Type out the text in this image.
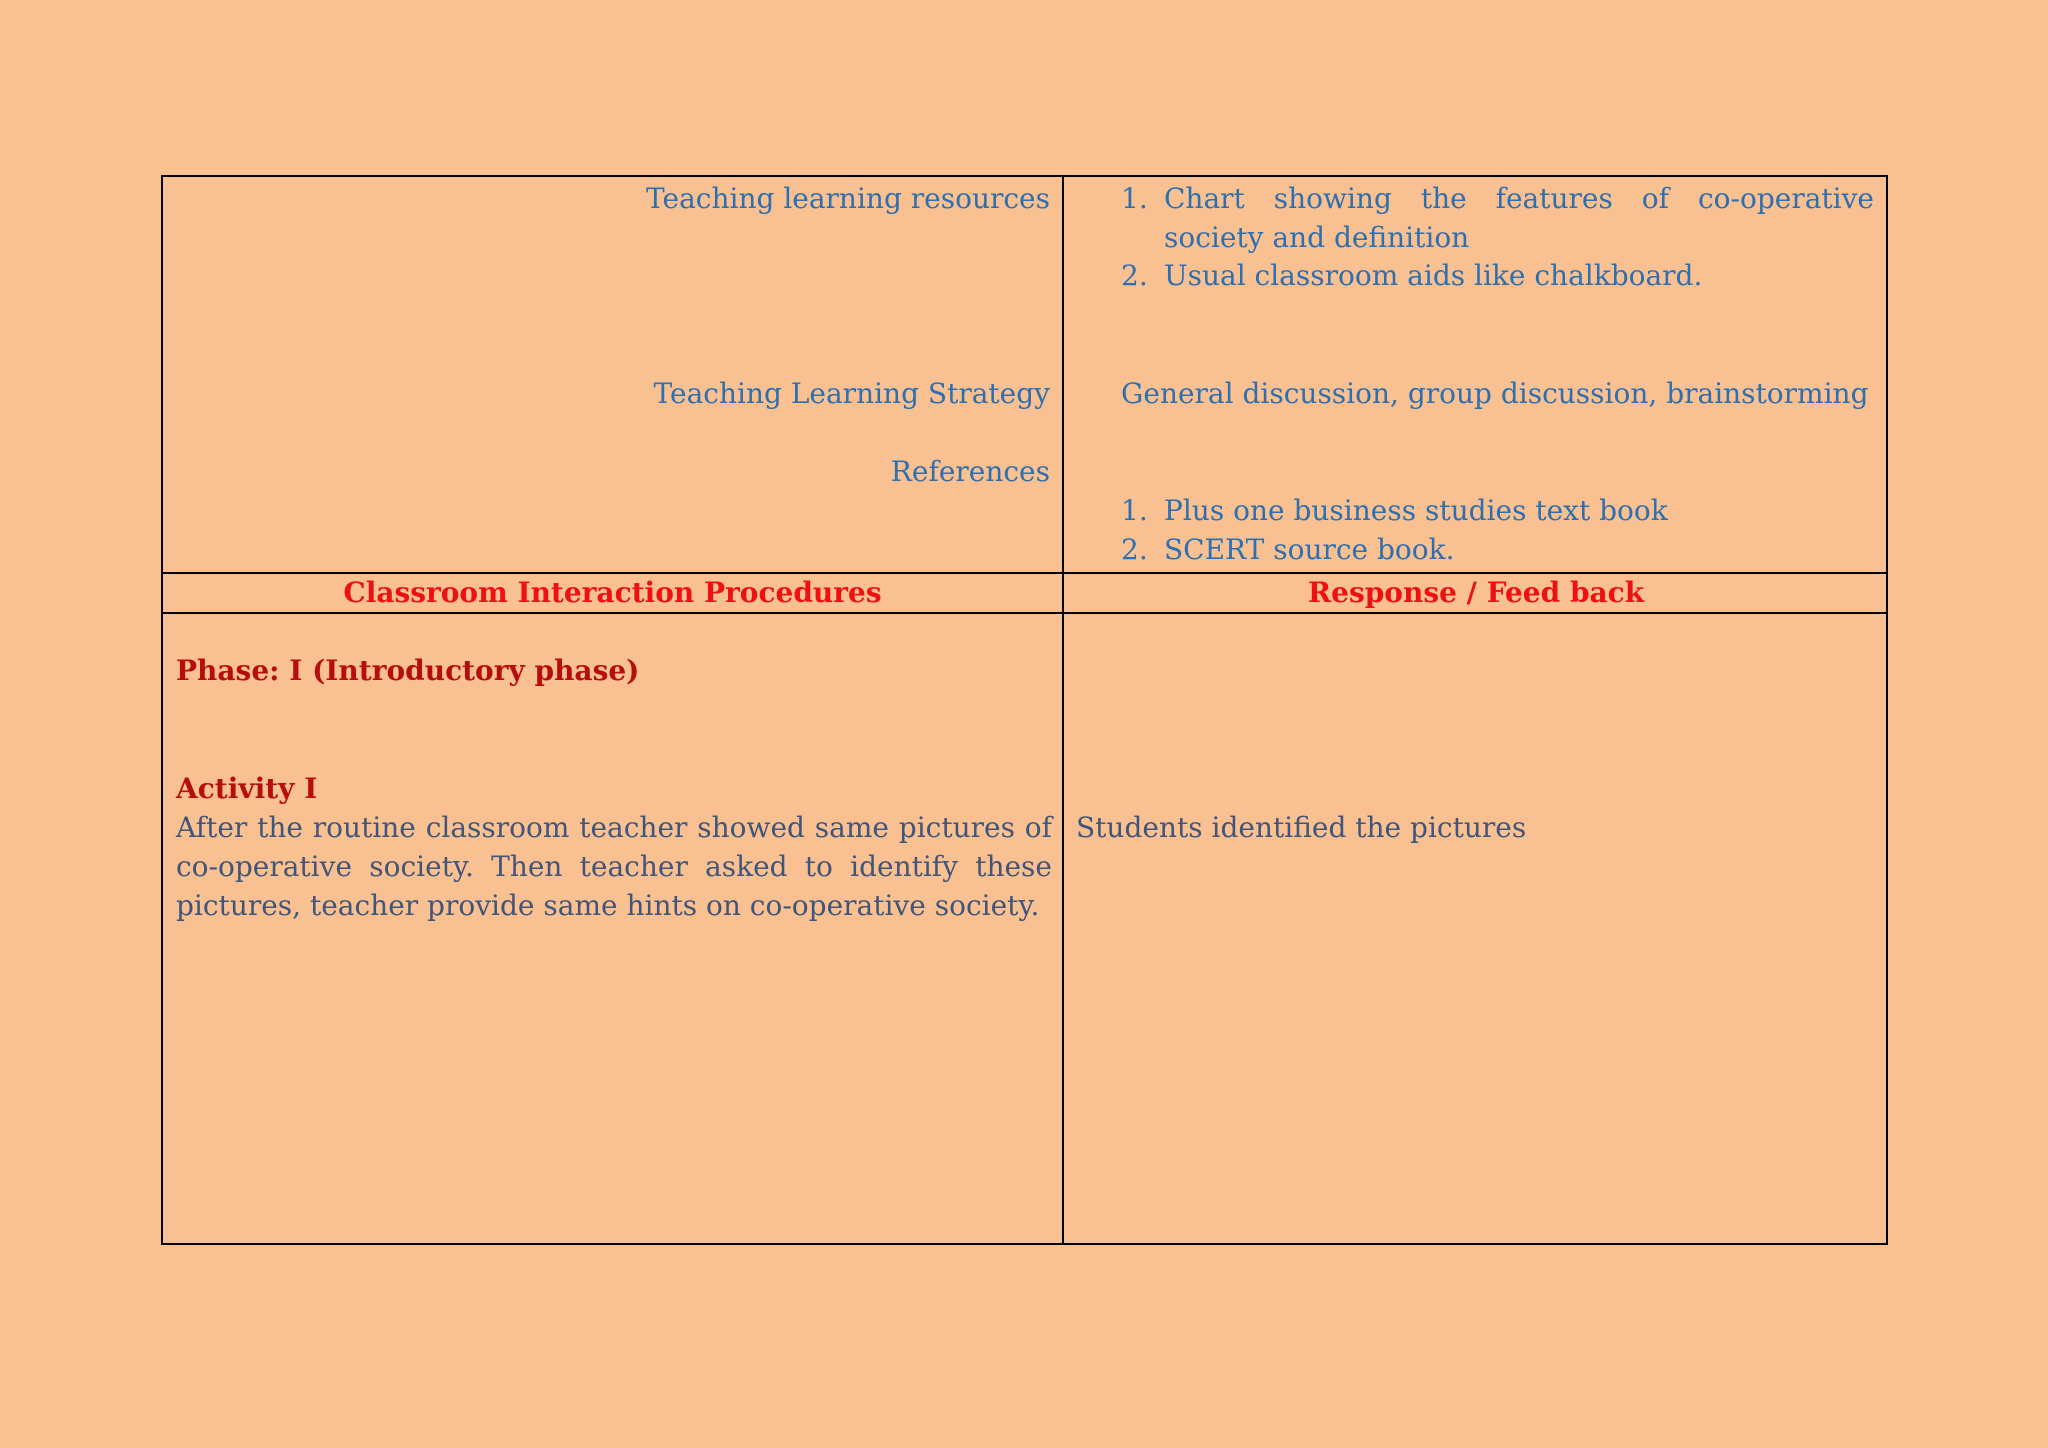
Teaching learning resources
Teaching Learning Strategy
References
1. Chart showing the features of co-operative society and definition
2. Usual classroom aids like chalkboard.
General discussion, group discussion, brainstorming
1. Plus one business studies text book
2. SCERT source book.
Classroom Interaction Procedures	Response / Feed back
Phase: I (Introductory phase)
Activity I
After the routine classroom teacher showed same pictures of co-operative society. Then teacher asked to identify these pictures, teacher provide same hints on co-operative society.
Students identified the pictures
